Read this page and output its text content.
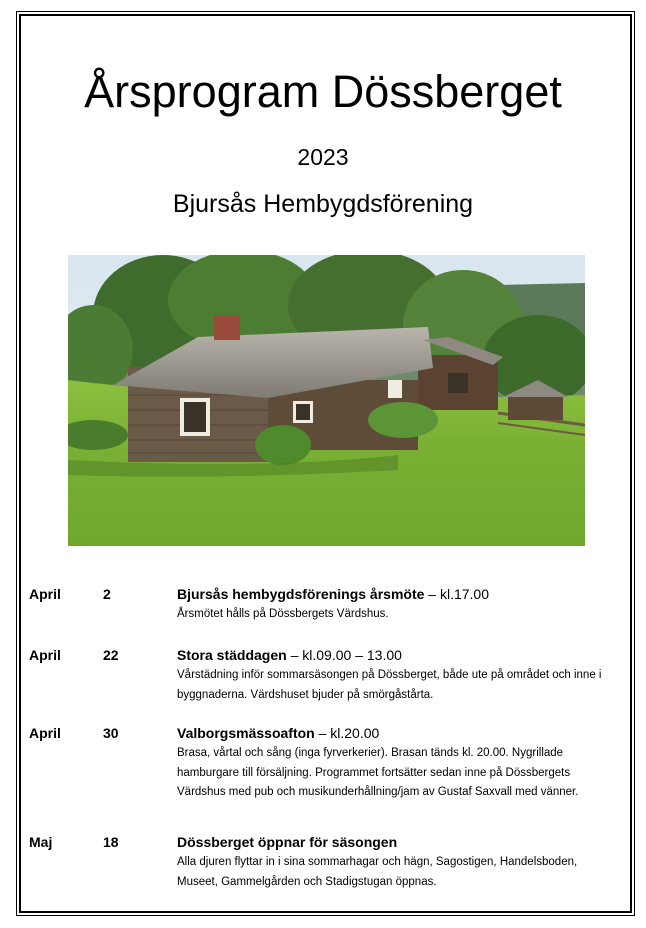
Årsprogram Dössberget
2023
Bjursås Hembygdsförening
April	2	Bjursås hembygdsförenings årsmöte – kl.17.00
Årsmötet hålls på Dössbergets Värdshus.
April	22	Stora städdagen – kl.09.00 – 13.00
Vårstädning inför sommarsäsongen på Dössberget, både ute på området och inne i byggnaderna. Värdshuset bjuder på smörgåstårta.
April	30	Valborgsmässoafton – kl.20.00
Brasa, vårtal och sång (inga fyrverkerier). Brasan tänds kl. 20.00. Nygrillade hamburgare till försäljning. Programmet fortsätter sedan inne på Dössbergets Värdshus med pub och musikunderhållning/jam av Gustaf Saxvall med vänner.
Maj	18	Dössberget öppnar för säsongen
Alla djuren flyttar in i sina sommarhagar och hägn, Sagostigen, Handelsboden, Museet, Gammelgården och Stadigstugan öppnas.
